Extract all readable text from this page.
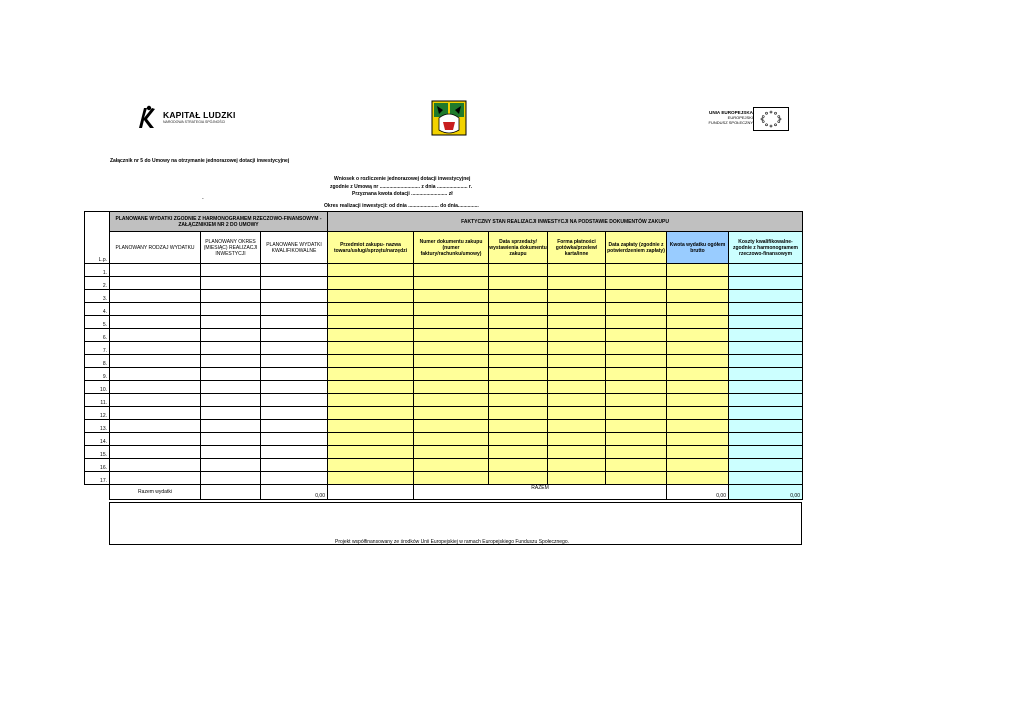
KAPITAŁ LUDZKI
NARODOWA STRATEGIA SPÓJNOŚCI
UNIA EUROPEJSKA
EUROPEJSKI
FUNDUSZ SPOŁECZNY
Załącznik nr 5 do Umowy na otrzymanie jednorazowej dotacji inwestycyjnej
Wniosek o rozliczenie jednorazowej dotacji inwestycyjnej
zgodnie z Umową nr ............................. z dnia ...................... r.
Przyznana kwota dotacji .......................... zł
-
Okres realizacji inwestycji: od dnia ...................... do dnia...............
L.p.	PLANOWANE WYDATKI ZGODNIE Z HARMONOGRAMEM RZECZOWO-FINANSOWYM - ZAŁĄCZNIKIEM NR 2 DO UMOWY			FAKTYCZNY STAN REALIZACJI INWESTYCJI NA PODSTAWIE DOKUMENTÓW ZAKUPU						
	PLANOWANY RODZAJ WYDATKU	PLANOWANY OKRES (MIESIĄC) REALIZACJI INWESTYCJI	PLANOWANE WYDATKI KWALIFIKOWALNE	Przedmiot zakupu- nazwa towaru/usługi/sprzętu/narzędzi	Numer dokumentu zakupu (numer faktury/rachunku/umowy)	Data sprzedaży/ wystawienia dokumentu zakupu	Forma płatności gotówka/przelew/ karta/inne	Data zapłaty (zgodnie z potwierdzeniem zapłaty)	Kwota wydatku ogółem brutto	Koszty kwalifikowalne- zgodnie z harmonogramem rzeczowo-finansowym
1.										
2.										
3.										
4.										
5.										
6.										
7.										
8.										
9.										
10.										
11.										
12.										
13.										
14.										
15.										
16.										
17.										
	Razem wydatki		0,00		RAZEM				0,00	0,00
Projekt współfinansowany ze środków Unii Europejskiej w ramach Europejskiego Funduszu Społecznego.
